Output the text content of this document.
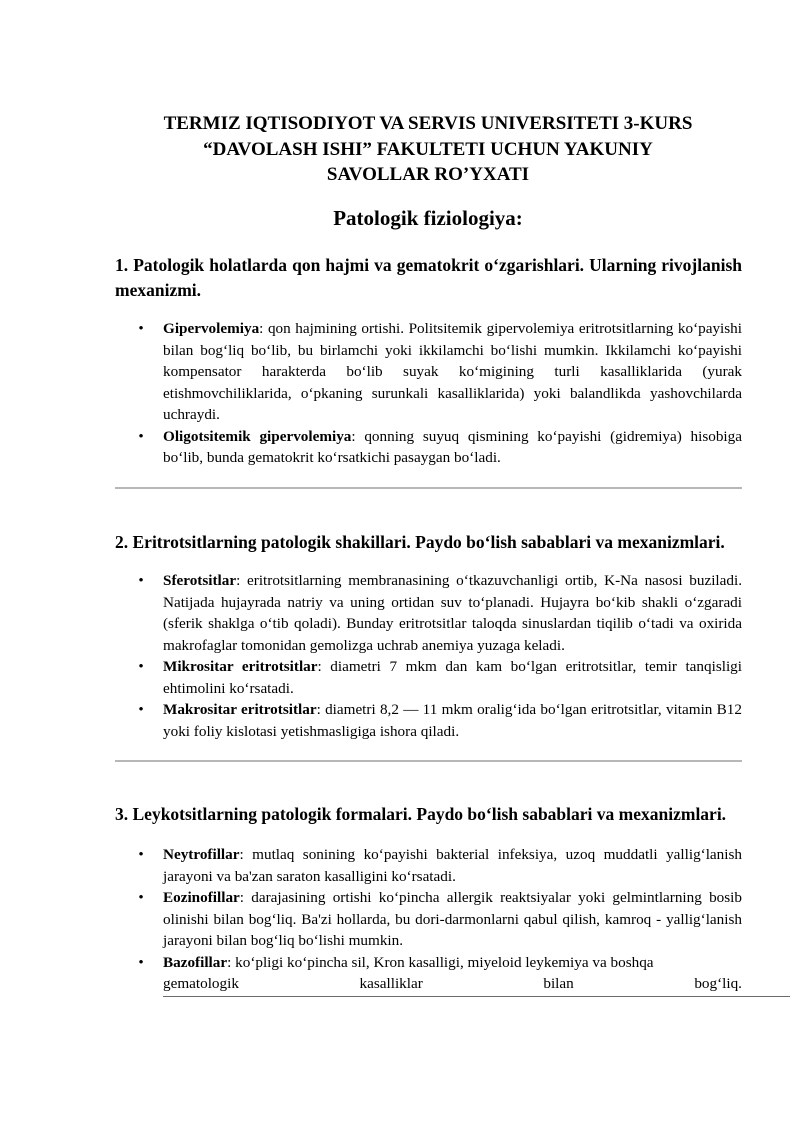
TERMIZ IQTISODIYOT VA SERVIS UNIVERSITETI 3-KURS
“DAVOLASH ISHI” FAKULTETI UCHUN YAKUNIY
SAVOLLAR RO’YXATI
Patologik fiziologiya:
1. Patologik holatlarda qon hajmi va gematokrit oʻzgarishlari. Ularning rivojlanish mexanizmi.
• Gipervolemiya: qon hajmining ortishi. Politsitemik gipervolemiya eritrotsitlarning koʻpayishi bilan bogʻliq boʻlib, bu birlamchi yoki ikkilamchi boʻlishi mumkin. Ikkilamchi koʻpayishi kompensator harakterda boʻlib suyak koʻmigining turli kasalliklarida (yurak etishmovchiliklarida, oʻpkaning surunkali kasalliklarida) yoki balandlikda yashovchilarda uchraydi.
• Oligotsitemik gipervolemiya: qonning suyuq qismining koʻpayishi (gidremiya) hisobiga boʻlib, bunda gematokrit koʻrsatkichi pasaygan boʻladi.
2. Eritrotsitlarning patologik shakillari. Paydo boʻlish sabablari va mexanizmlari.
• Sferotsitlar: eritrotsitlarning membranasining oʻtkazuvchanligi ortib, K-Na nasosi buziladi. Natijada hujayrada natriy va uning ortidan suv toʻplanadi. Hujayra boʻkib shakli oʻzgaradi (sferik shaklga oʻtib qoladi). Bunday eritrotsitlar taloqda sinuslardan tiqilib oʻtadi va oxirida makrofaglar tomonidan gemolizga uchrab anemiya yuzaga keladi.
• Mikrositar eritrotsitlar: diametri 7 mkm dan kam boʻlgan eritrotsitlar, temir tanqisligi ehtimolini koʻrsatadi.
• Makrositar eritrotsitlar: diametri 8,2 — 11 mkm oraligʻida boʻlgan eritrotsitlar, vitamin B12 yoki foliy kislotasi yetishmasligiga ishora qiladi.
3. Leykotsitlarning patologik formalari. Paydo boʻlish sabablari va mexanizmlari.
• Neytrofillar: mutlaq sonining koʻpayishi bakterial infeksiya, uzoq muddatli yalligʻlanish jarayoni va ba'zan saraton kasalligini koʻrsatadi.
• Eozinofillar: darajasining ortishi koʻpincha allergik reaktsiyalar yoki gelmintlarning bosib olinishi bilan bogʻliq. Ba'zi hollarda, bu dori-darmonlarni qabul qilish, kamroq - yalligʻlanish jarayoni bilan bogʻliq boʻlishi mumkin.
• Bazofillar: koʻpligi koʻpincha sil, Kron kasalligi, miyeloid leykemiya va boshqa
gematologik	kasalliklar	bilan	bogʻliq.
